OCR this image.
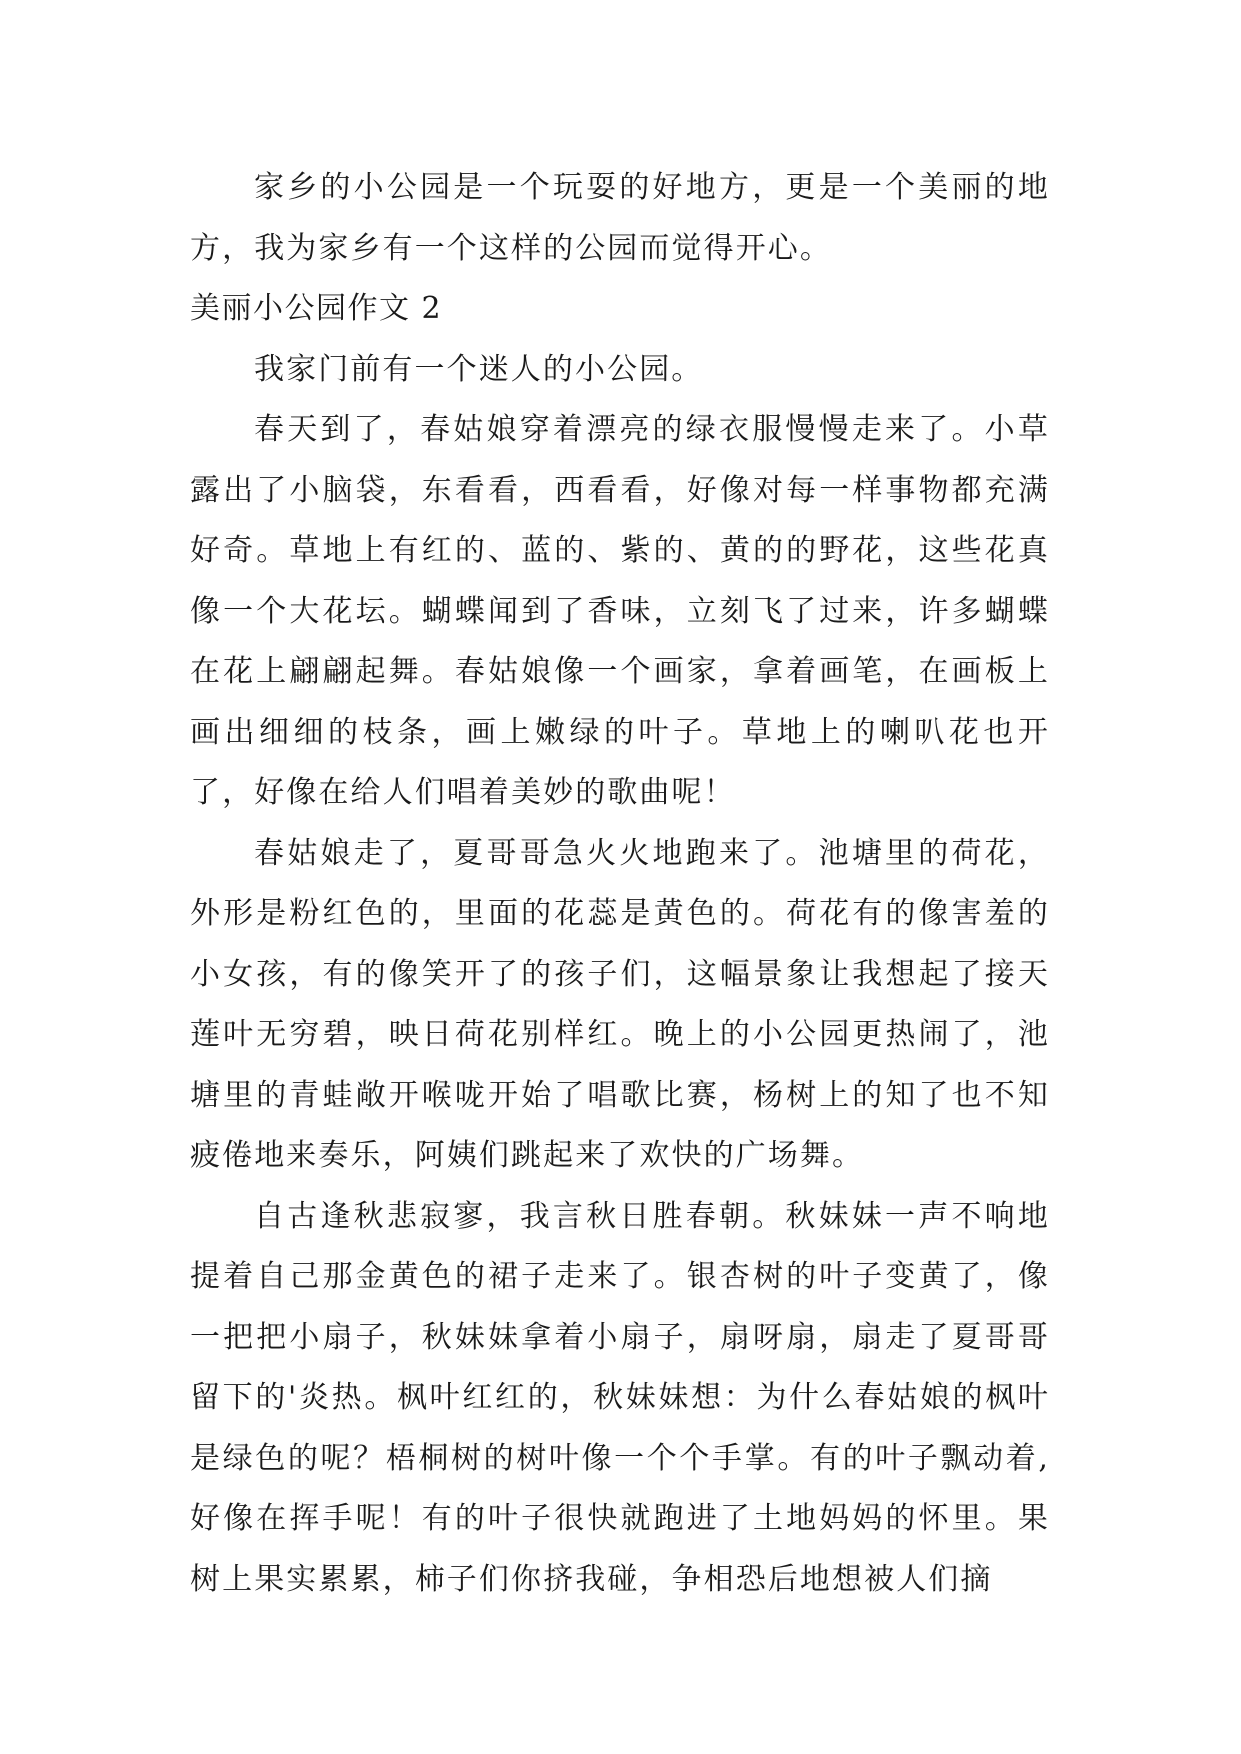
家乡的小公园是一个玩耍的好地方，更是一个美丽的地方，我为家乡有一个这样的公园而觉得开心。

美丽小公园作文 2

我家门前有一个迷人的小公园。

春天到了，春姑娘穿着漂亮的绿衣服慢慢走来了。小草露出了小脑袋，东看看，西看看，好像对每一样事物都充满好奇。草地上有红的、蓝的、紫的、黄的的野花，这些花真像一个大花坛。蝴蝶闻到了香味，立刻飞了过来，许多蝴蝶在花上翩翩起舞。春姑娘像一个画家，拿着画笔，在画板上画出细细的枝条，画上嫩绿的叶子。草地上的喇叭花也开了，好像在给人们唱着美妙的歌曲呢！

春姑娘走了，夏哥哥急火火地跑来了。池塘里的荷花，外形是粉红色的，里面的花蕊是黄色的。荷花有的像害羞的小女孩，有的像笑开了的孩子们，这幅景象让我想起了接天莲叶无穷碧，映日荷花别样红。晚上的小公园更热闹了，池塘里的青蛙敞开喉咙开始了唱歌比赛，杨树上的知了也不知疲倦地来奏乐，阿姨们跳起来了欢快的广场舞。

自古逢秋悲寂寥，我言秋日胜春朝。秋妹妹一声不响地提着自己那金黄色的裙子走来了。银杏树的叶子变黄了，像一把把小扇子，秋妹妹拿着小扇子，扇呀扇，扇走了夏哥哥留下的'炎热。枫叶红红的，秋妹妹想：为什么春姑娘的枫叶是绿色的呢？梧桐树的树叶像一个个手掌。有的叶子飘动着,好像在挥手呢！有的叶子很快就跑进了土地妈妈的怀里。果树上果实累累，柿子们你挤我碰，争相恐后地想被人们摘
